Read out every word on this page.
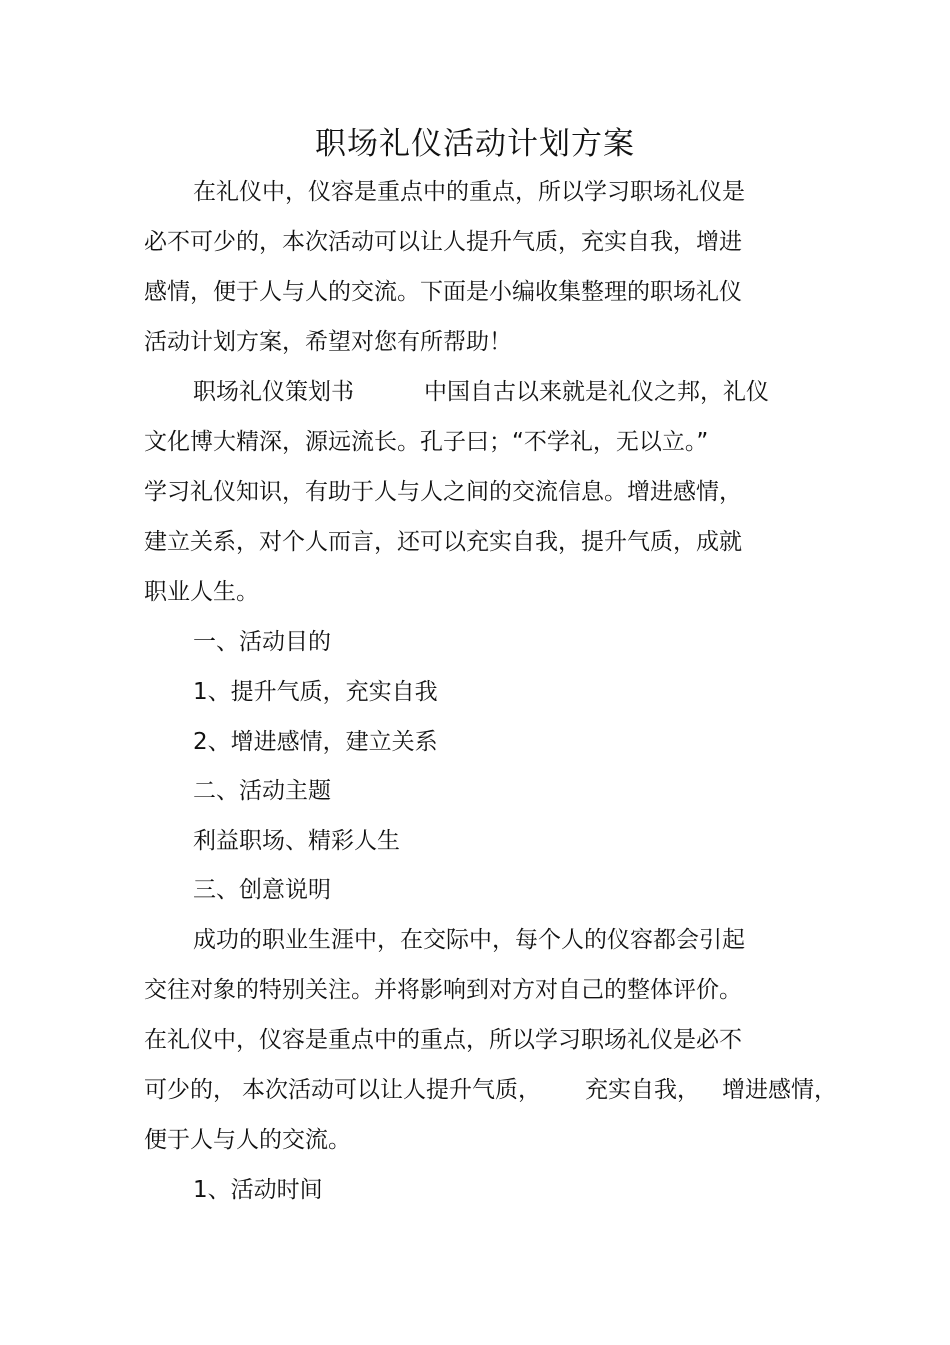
职场礼仪活动计划方案
在礼仪中，仪容是重点中的重点，所以学习职场礼仪是
必不可少的，本次活动可以让人提升气质，充实自我，增进
感情，便于人与人的交流。下面是小编收集整理的职场礼仪
活动计划方案，希望对您有所帮助！
职场礼仪策划书	中国自古以来就是礼仪之邦，礼仪
文化博大精深，源远流长。孔子曰；“不学礼，无以立。”
学习礼仪知识，有助于人与人之间的交流信息。增进感情，
建立关系，对个人而言，还可以充实自我，提升气质，成就
职业人生。
一、活动目的
1、提升气质，充实自我
2、增进感情，建立关系
二、活动主题
利益职场、精彩人生
三、创意说明
成功的职业生涯中，在交际中，每个人的仪容都会引起
交往对象的特别关注。并将影响到对方对自己的整体评价。
在礼仪中，仪容是重点中的重点，所以学习职场礼仪是必不
可少的， 本次活动可以让人提升气质， 充实自我， 增进感情，
便于人与人的交流。
1、活动时间
